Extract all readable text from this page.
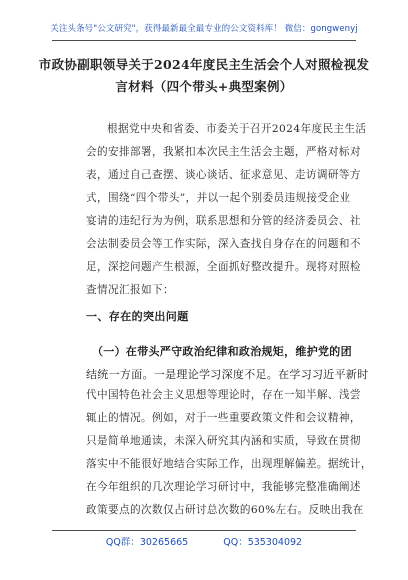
关注头条号"公文研究"，获得最新最全最专业的公文资料库！ 微信：gongwenyj
市政协副职领导关于2024年度民主生活会个人对照检视发
言材料（四个带头+典型案例）
根据党中央和省委、市委关于召开2024年度民主生活
会的安排部署，我紧扣本次民主生活会主题，严格对标对
表，通过自己查摆、谈心谈话、征求意见、走访调研等方
式，围绕“四个带头”，并以一起个别委员违规接受企业
宴请的违纪行为为例，联系思想和分管的经济委员会、社
会法制委员会等工作实际，深入查找自身存在的问题和不
足，深挖问题产生根源，全面抓好整改提升。现将对照检
查情况汇报如下：
一、存在的突出问题
（一）在带头严守政治纪律和政治规矩，维护党的团
结统一方面。一是理论学习深度不足。在学习习近平新时
代中国特色社会主义思想等理论时，存在一知半解、浅尝
辄止的情况。例如，对于一些重要政策文件和会议精神，
只是简单地通读，未深入研究其内涵和实质，导致在贯彻
落实中不能很好地结合实际工作，出现理解偏差。据统计，
在今年组织的几次理论学习研讨中，我能够完整准确阐述
政策要点的次数仅占研讨总次数的60%左右。反映出我在
QQ群：30265665	QQ：535304092
